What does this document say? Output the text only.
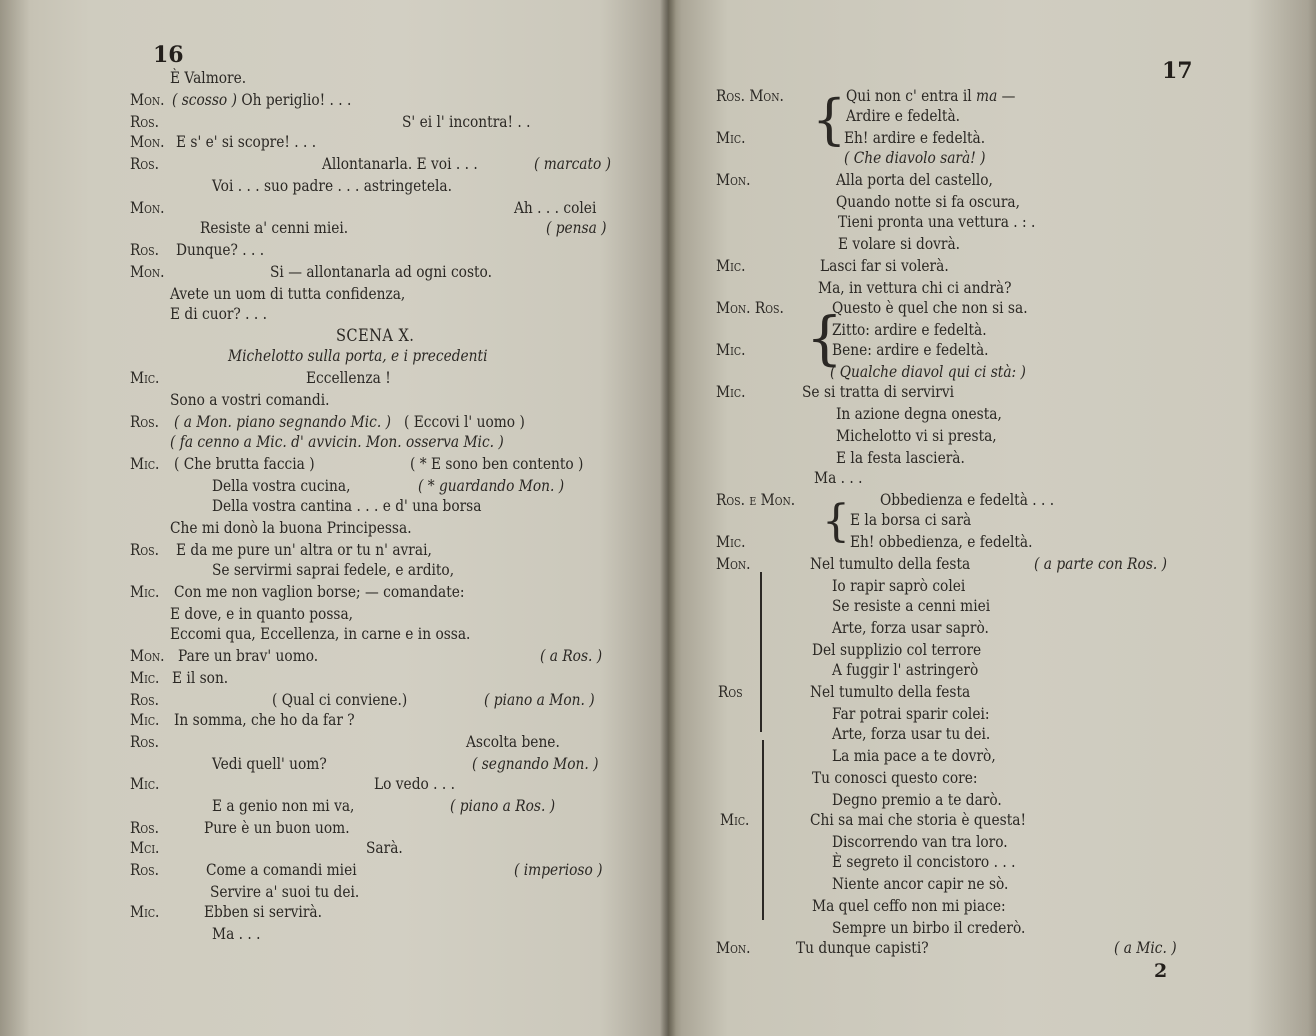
16
È Valmore.
Mon. ( scosso ) Oh periglio! . . .
Ros.	S' ei l' incontra! . .
Mon. E s' e' si scopre! . . .
Ros.	Allontanarla. E voi . . .	( marcato )
Voi . . . suo padre . . . astringetela.
Mon.	Ah . . . colei
Resiste a' cenni miei.	( pensa )
Ros. Dunque? . . .
Mon.	Si — allontanarla ad ogni costo.
Avete un uom di tutta confidenza,
E di cuor? . . .
SCENA X.
Michelotto sulla porta, e i precedenti
Mic.	Eccellenza !
Sono a vostri comandi.
Ros. ( a Mon. piano segnando Mic. ) ( Eccovi l' uomo )
( fa cenno a Mic. d' avvicin. Mon. osserva Mic. )
Mic. ( Che brutta faccia )	( * E sono ben contento )
Della vostra cucina,	( * guardando Mon. )
Della vostra cantina . . . e d' una borsa
Che mi donò la buona Principessa.
Ros. E da me pure un' altra or tu n' avrai,
Se servirmi saprai fedele, e ardito,
Mic. Con me non vaglion borse; — comandate:
E dove, e in quanto possa,
Eccomi qua, Eccellenza, in carne e in ossa.
Mon. Pare un brav' uomo.	( a Ros. )
Mic. E il son.
Ros.	( Qual ci conviene.)	( piano a Mon. )
Mic. In somma, che ho da far ?
Ros.	Ascolta bene.
Vedi quell' uom?	( segnando Mon. )
Mic.	Lo vedo . . .
E a genio non mi va,	( piano a Ros. )
Ros.	Pure è un buon uom.
Mci.	Sarà.
Ros.	Come a comandi miei	( imperioso )
Servire a' suoi tu dei.
Mic.	Ebben si servirà.
Ma . . .
17
Ros. Mon.	Qui non c' entra il ma —
Ardire e fedeltà.
Mic.	Eh! ardire e fedeltà.
( Che diavolo sarà! )
Mon.	Alla porta del castello,
Quando notte si fa oscura,
Tieni pronta una vettura . : .
E volare si dovrà.
Mic.	Lasci far si volerà.
Ma, in vettura chi ci andrà?
Mon. Ros.	Questo è quel che non si sa.
Zitto: ardire e fedeltà.
Mic.	Bene: ardire e fedeltà.
( Qualche diavol qui ci stà: )
Mic.	Se si tratta di servirvi
In azione degna onesta,
Michelotto vi si presta,
E la festa lascierà.
Ma . . .
Ros. e Mon.	Obbedienza e fedeltà . . .
E la borsa ci sarà
Mic.	Eh! obbedienza, e fedeltà.
Mon.	Nel tumulto della festa	( a parte con Ros. )
Io rapir saprò colei
Se resiste a cenni miei
Arte, forza usar saprò.
Del supplizio col terrore
A fuggir l' astringerò
Ros	Nel tumulto della festa
Far potrai sparir colei:
Arte, forza usar tu dei.
La mia pace a te dovrò,
Tu conosci questo core:
Degno premio a te darò.
Mic.	Chi sa mai che storia è questa!
Discorrendo van tra loro.
È segreto il concistoro . . .
Niente ancor capir ne sò.
Ma quel ceffo non mi piace:
Sempre un birbo il crederò.
Mon.	Tu dunque capisti?	( a Mic. )
2
{
{
{
